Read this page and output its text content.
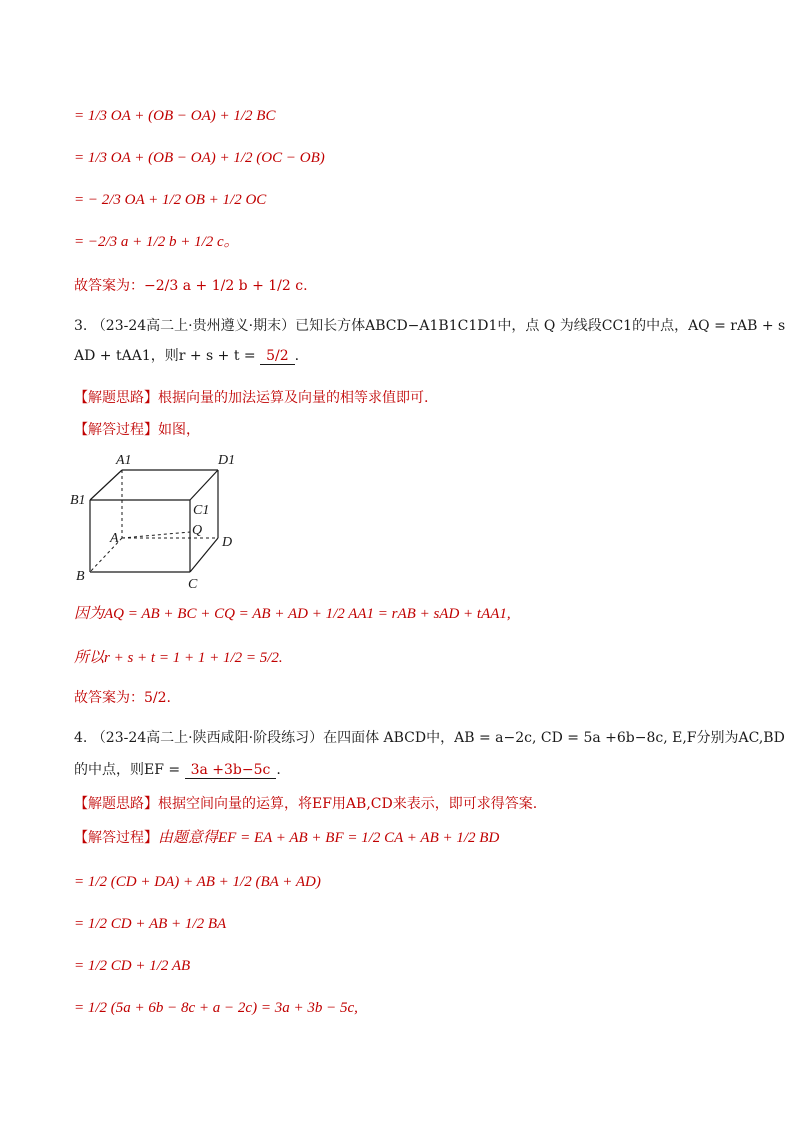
= 1/3 OA + (OB − OA) + 1/2 BC
= 1/3 OA + (OB − OA) + 1/2 (OC − OB)
= − 2/3 OA + 1/2 OB + 1/2 OC
= −2/3 a + 1/2 b + 1/2 c。
故答案为：−2/3 a + 1/2 b + 1/2 c.
3. （23-24高二上·贵州遵义·期末）已知长方体ABCD−A1B1C1D1中，点 Q 为线段CC1的中点，AQ = rAB + s
AD + tAA1，则r + s + t = 5/2 .
【解题思路】根据向量的加法运算及向量的相等求值即可.
【解答过程】如图，
A1	D1
B1
C1
Q
A	D
B
C
因为AQ = AB + BC + CQ = AB + AD + 1/2 AA1 = rAB + sAD + tAA1,
所以r + s + t = 1 + 1 + 1/2 = 5/2.
故答案为：5/2.
4. （23-24高二上·陕西咸阳·阶段练习）在四面体 ABCD中，AB = a−2c, CD = 5a +6b−8c, E,F分别为AC,BD
的中点，则EF = 3a +3b−5c .
【解题思路】根据空间向量的运算，将EF用AB,CD来表示，即可求得答案.
【解答过程】由题意得EF = EA + AB + BF = 1/2 CA + AB + 1/2 BD
= 1/2 (CD + DA) + AB + 1/2 (BA + AD)
= 1/2 CD + AB + 1/2 BA
= 1/2 CD + 1/2 AB
= 1/2 (5a + 6b − 8c + a − 2c) = 3a + 3b − 5c,
